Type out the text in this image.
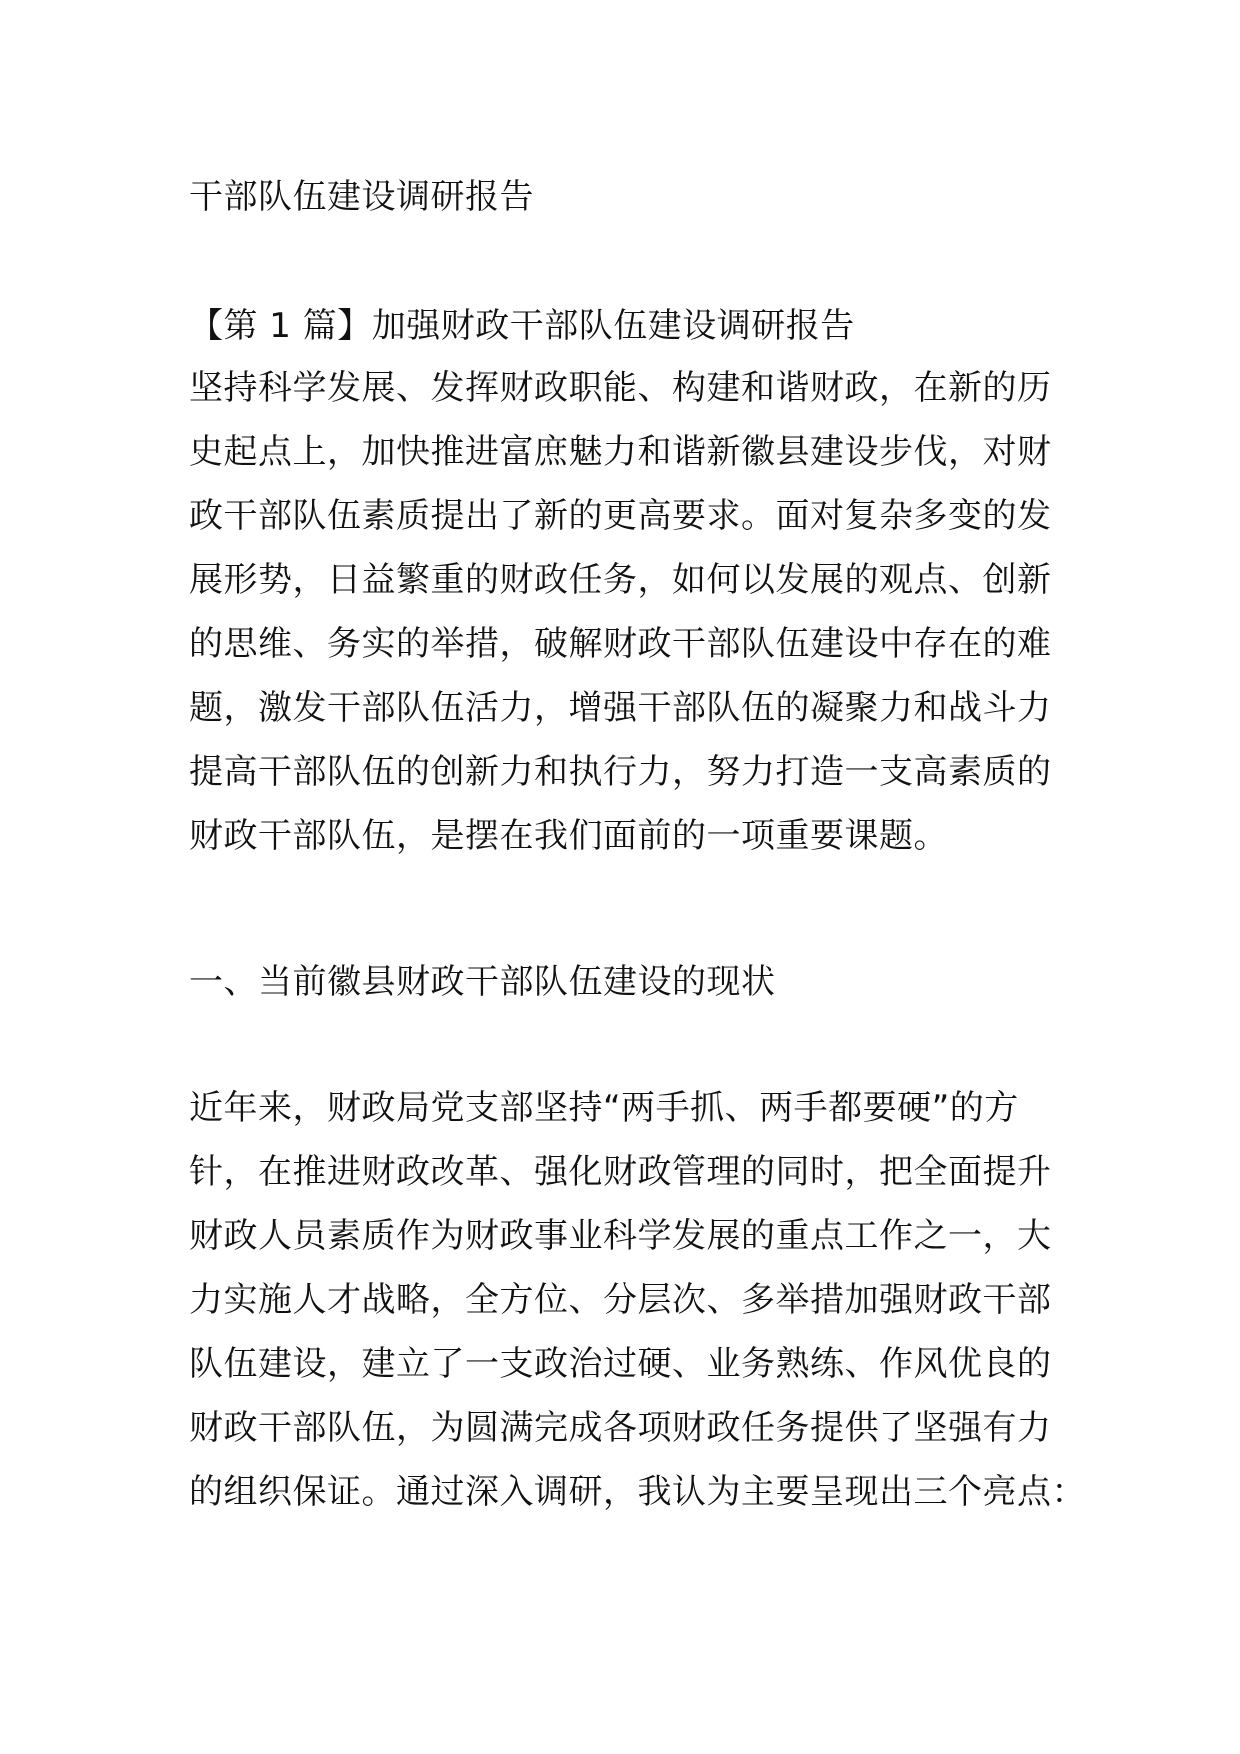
干部队伍建设调研报告

【第 1 篇】加强财政干部队伍建设调研报告

坚持科学发展、发挥财政职能、构建和谐财政，在新的历

史起点上，加快推进富庶魅力和谐新徽县建设步伐，对财

政干部队伍素质提出了新的更高要求。面对复杂多变的发

展形势，日益繁重的财政任务，如何以发展的观点、创新

的思维、务实的举措，破解财政干部队伍建设中存在的难

题，激发干部队伍活力，增强干部队伍的凝聚力和战斗力

提高干部队伍的创新力和执行力，努力打造一支高素质的

财政干部队伍，是摆在我们面前的一项重要课题。

一、当前徽县财政干部队伍建设的现状

近年来，财政局党支部坚持“两手抓、两手都要硬”的方

针，在推进财政改革、强化财政管理的同时，把全面提升

财政人员素质作为财政事业科学发展的重点工作之一，大

力实施人才战略，全方位、分层次、多举措加强财政干部

队伍建设，建立了一支政治过硬、业务熟练、作风优良的

财政干部队伍，为圆满完成各项财政任务提供了坚强有力

的组织保证。通过深入调研，我认为主要呈现出三个亮点：
